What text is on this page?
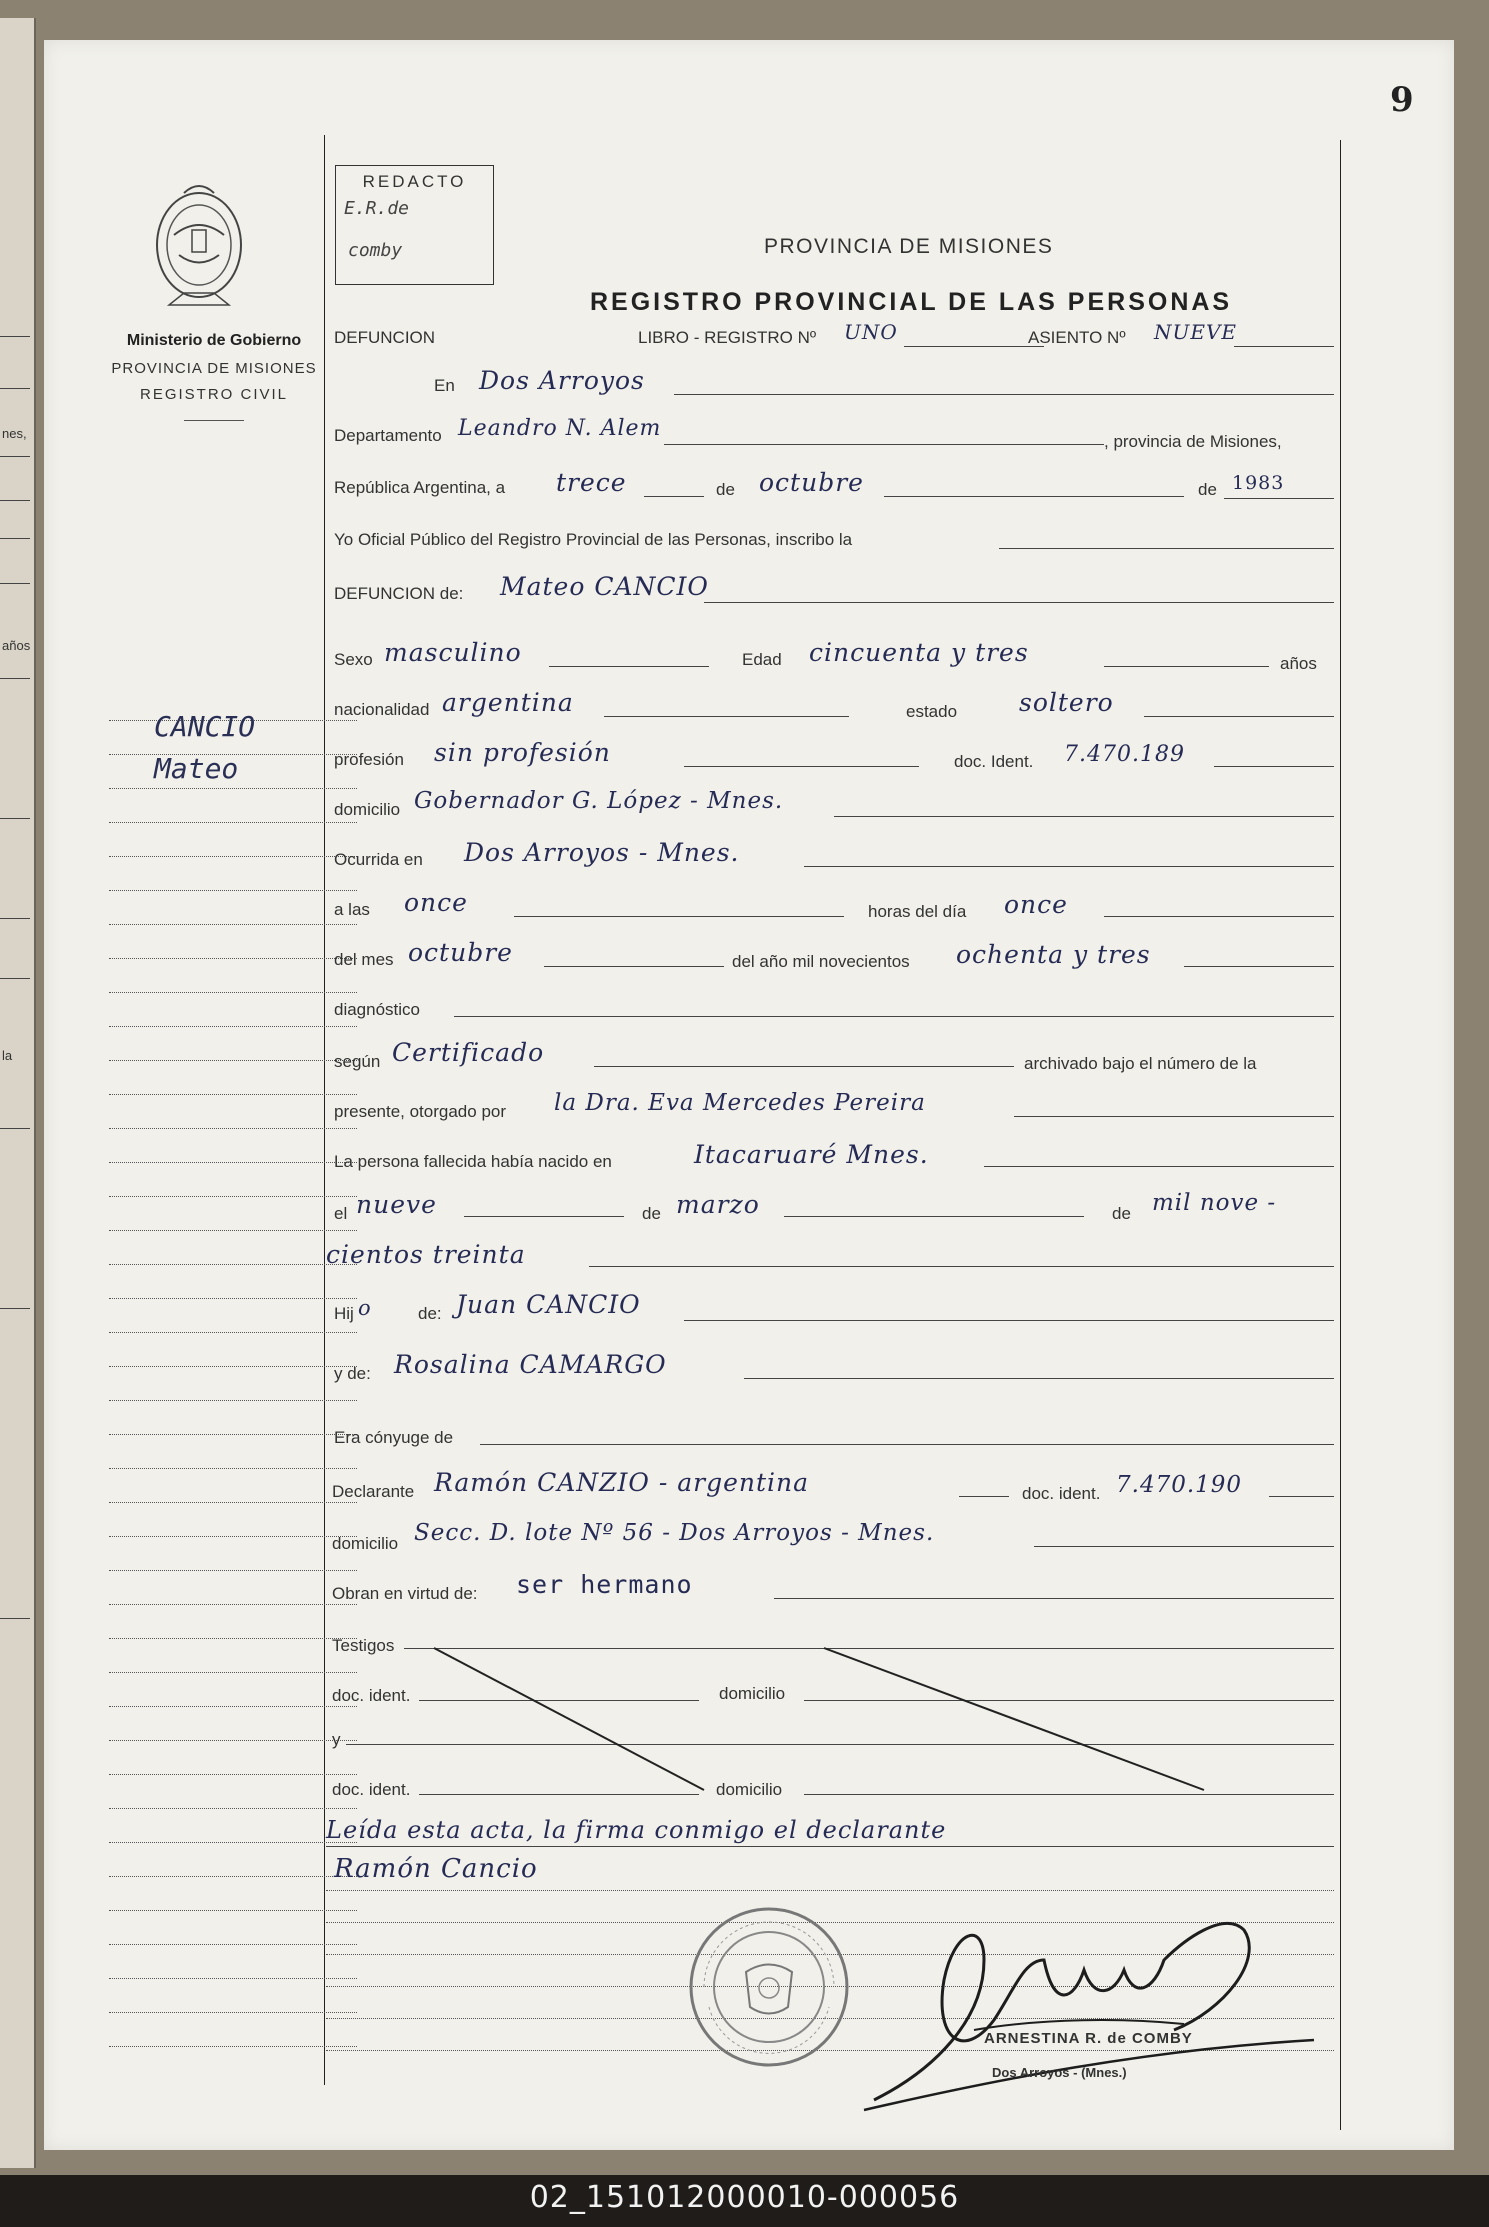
nes,
años
la
9
Ministerio de Gobierno
PROVINCIA DE MISIONES
REGISTRO CIVIL
REDACTO
E.R.de
comby	PROVINCIA DE MISIONES
REGISTRO PROVINCIAL DE LAS PERSONAS
CANCIO
Mateo
DEFUNCION	LIBRO - REGISTRO Nº UNO	ASIENTO Nº NUEVE
En Dos Arroyos
Departamento Leandro N. Alem
, provincia de Misiones,
República Argentina, a trece	de octubre	de 1983
Yo Oficial Público del Registro Provincial de las Personas, inscribo la
DEFUNCION de: Mateo CANCIO
Sexo masculino	Edad cincuenta y tres	años
nacionalidad argentina	estado soltero
profesión sin profesión	doc. Ident. 7.470.189
domicilio Gobernador G. López - Mnes.
Ocurrida en Dos Arroyos - Mnes.
a las once	horas del día once
del mes octubre	del año mil novecientos ochenta y tres
diagnóstico
según Certificado	archivado bajo el número de la
presente, otorgado por la Dra. Eva Mercedes Pereira
La persona fallecida había nacido en	Itacaruaré Mnes.
el nueve	de marzo	de mil nove -
cientos treinta
Hij o	de: Juan CANCIO
y de: Rosalina CAMARGO
Era cónyuge de
Declarante Ramón CANZIO - argentina	doc. ident. 7.470.190
domicilio Secc. D. lote Nº 56 - Dos Arroyos - Mnes.
Obran en virtud de: ser hermano
Testigos
doc. ident.	domicilio
y
doc. ident.	domicilio
Leída esta acta, la firma conmigo el declarante
Ramón Cancio
ARNESTINA R. de COMBY
Dos Arroyos - (Mnes.)
02_151012000010-000056
